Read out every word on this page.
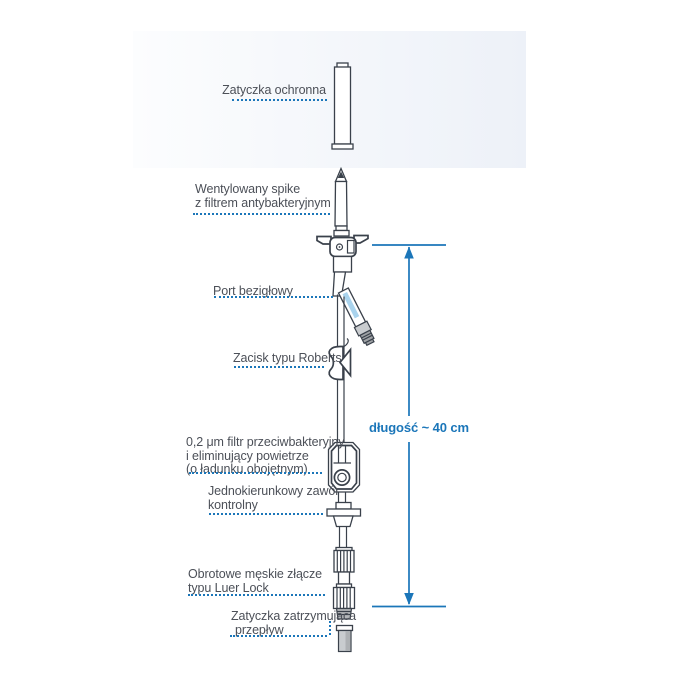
Zatyczka ochronna
Wentylowany spike
z filtrem antybakteryjnym
Port bezigłowy
Zacisk typu Roberts
0,2 μm filtr przeciwbakteryjny
i eliminujący powietrze
(o ładunku obojętnym)
Jednokierunkowy zawór
kontrolny
Obrotowe męskie złącze
typu Luer Lock
Zatyczka zatrzymująca
przepływ
długość ~ 40 cm
